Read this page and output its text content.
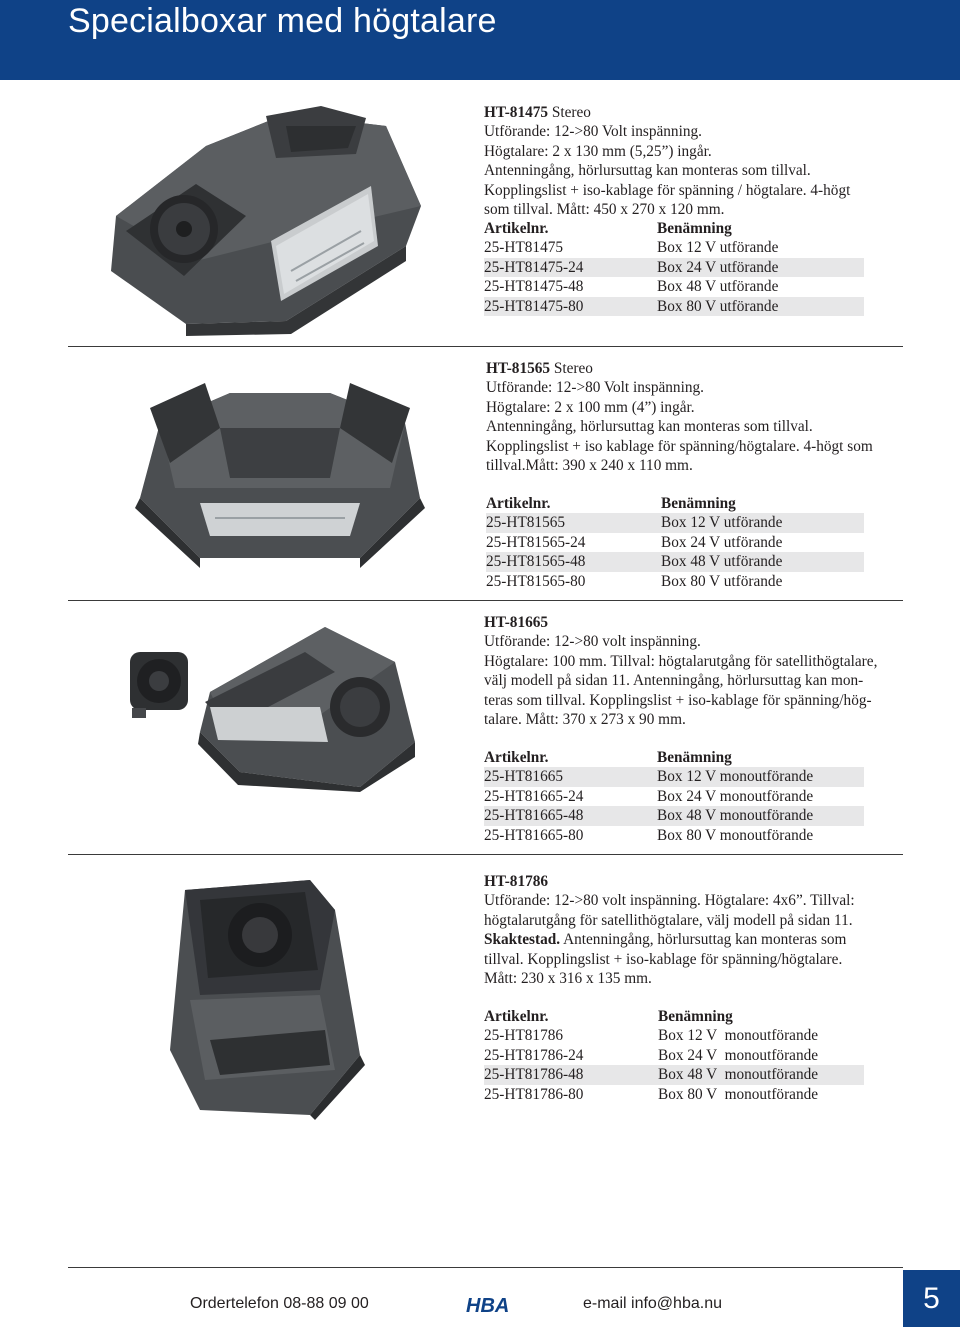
Specialboxar med högtalare

HT-81475 Stereo

Utförande: 12->80 Volt inspänning.

Högtalare: 2 x 130 mm (5,25”) ingår.

Antenningång, hörlursuttag kan monteras som tillval.

Kopplingslist + iso-kablage för spänning / högtalare. 4-högt

som tillval. Mått: 450 x 270 x 120 mm.

Artikelnr.	Benämning
25-HT81475	Box 12 V utförande
25-HT81475-24	Box 24 V utförande
25-HT81475-48	Box 48 V utförande
25-HT81475-80	Box 80 V utförande

HT-81565 Stereo

Utförande: 12->80 Volt inspänning.

Högtalare: 2 x 100 mm (4”) ingår.

Antenningång, hörlursuttag kan monteras som tillval.

Kopplingslist + iso kablage för spänning/högtalare. 4-högt som

tillval.Mått: 390 x 240 x 110 mm.

Artikelnr.	Benämning
25-HT81565	Box 12 V utförande
25-HT81565-24	Box 24 V utförande
25-HT81565-48	Box 48 V utförande
25-HT81565-80	Box 80 V utförande

HT-81665

Utförande: 12->80 volt inspänning.

Högtalare: 100 mm. Tillval: högtalarutgång för satellithögtalare,

välj modell på sidan 11. Antenningång, hörlursuttag kan mon-

teras som tillval. Kopplingslist + iso-kablage för spänning/hög-

talare. Mått: 370 x 273 x 90 mm.

Artikelnr.	Benämning
25-HT81665	Box 12 V monoutförande
25-HT81665-24	Box 24 V monoutförande
25-HT81665-48	Box 48 V monoutförande
25-HT81665-80	Box 80 V monoutförande

HT-81786

Utförande: 12->80 volt inspänning. Högtalare: 4x6”. Tillval:

högtalarutgång för satellithögtalare, välj modell på sidan 11.

Skaktestad. Antenningång, hörlursuttag kan monteras som

tillval. Kopplingslist + iso-kablage för spänning/högtalare.

Mått: 230 x 316 x 135 mm.

Artikelnr.	Benämning
25-HT81786	Box 12 V  monoutförande
25-HT81786-24	Box 24 V  monoutförande
25-HT81786-48	Box 48 V  monoutförande
25-HT81786-80	Box 80 V  monoutförande
Ordertelefon 08-88 09 00	HBA	e-mail info@hba.nu	5
